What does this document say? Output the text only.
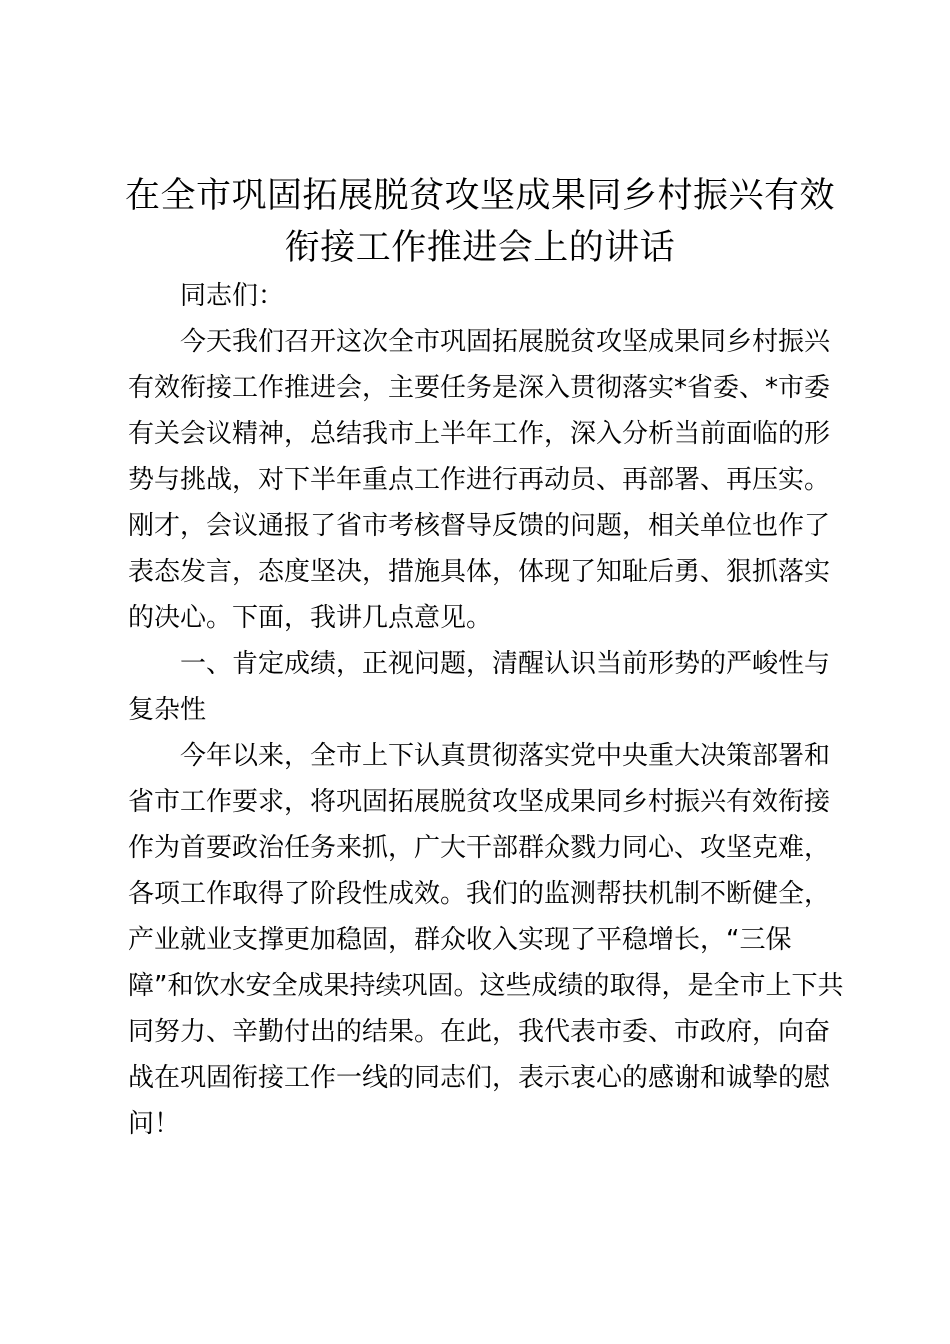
在全市巩固拓展脱贫攻坚成果同乡村振兴有效
衔接工作推进会上的讲话

同志们：

今天我们召开这次全市巩固拓展脱贫攻坚成果同乡村振兴

有效衔接工作推进会，主要任务是深入贯彻落实*省委、*市委

有关会议精神，总结我市上半年工作，深入分析当前面临的形

势与挑战，对下半年重点工作进行再动员、再部署、再压实。

刚才，会议通报了省市考核督导反馈的问题，相关单位也作了

表态发言，态度坚决，措施具体，体现了知耻后勇、狠抓落实

的决心。下面，我讲几点意见。

一、肯定成绩，正视问题，清醒认识当前形势的严峻性与

复杂性

今年以来，全市上下认真贯彻落实党中央重大决策部署和

省市工作要求，将巩固拓展脱贫攻坚成果同乡村振兴有效衔接

作为首要政治任务来抓，广大干部群众戮力同心、攻坚克难，

各项工作取得了阶段性成效。我们的监测帮扶机制不断健全，

产业就业支撑更加稳固，群众收入实现了平稳增长，“三保

障”和饮水安全成果持续巩固。这些成绩的取得，是全市上下共

同努力、辛勤付出的结果。在此，我代表市委、市政府，向奋

战在巩固衔接工作一线的同志们，表示衷心的感谢和诚挚的慰

问！
